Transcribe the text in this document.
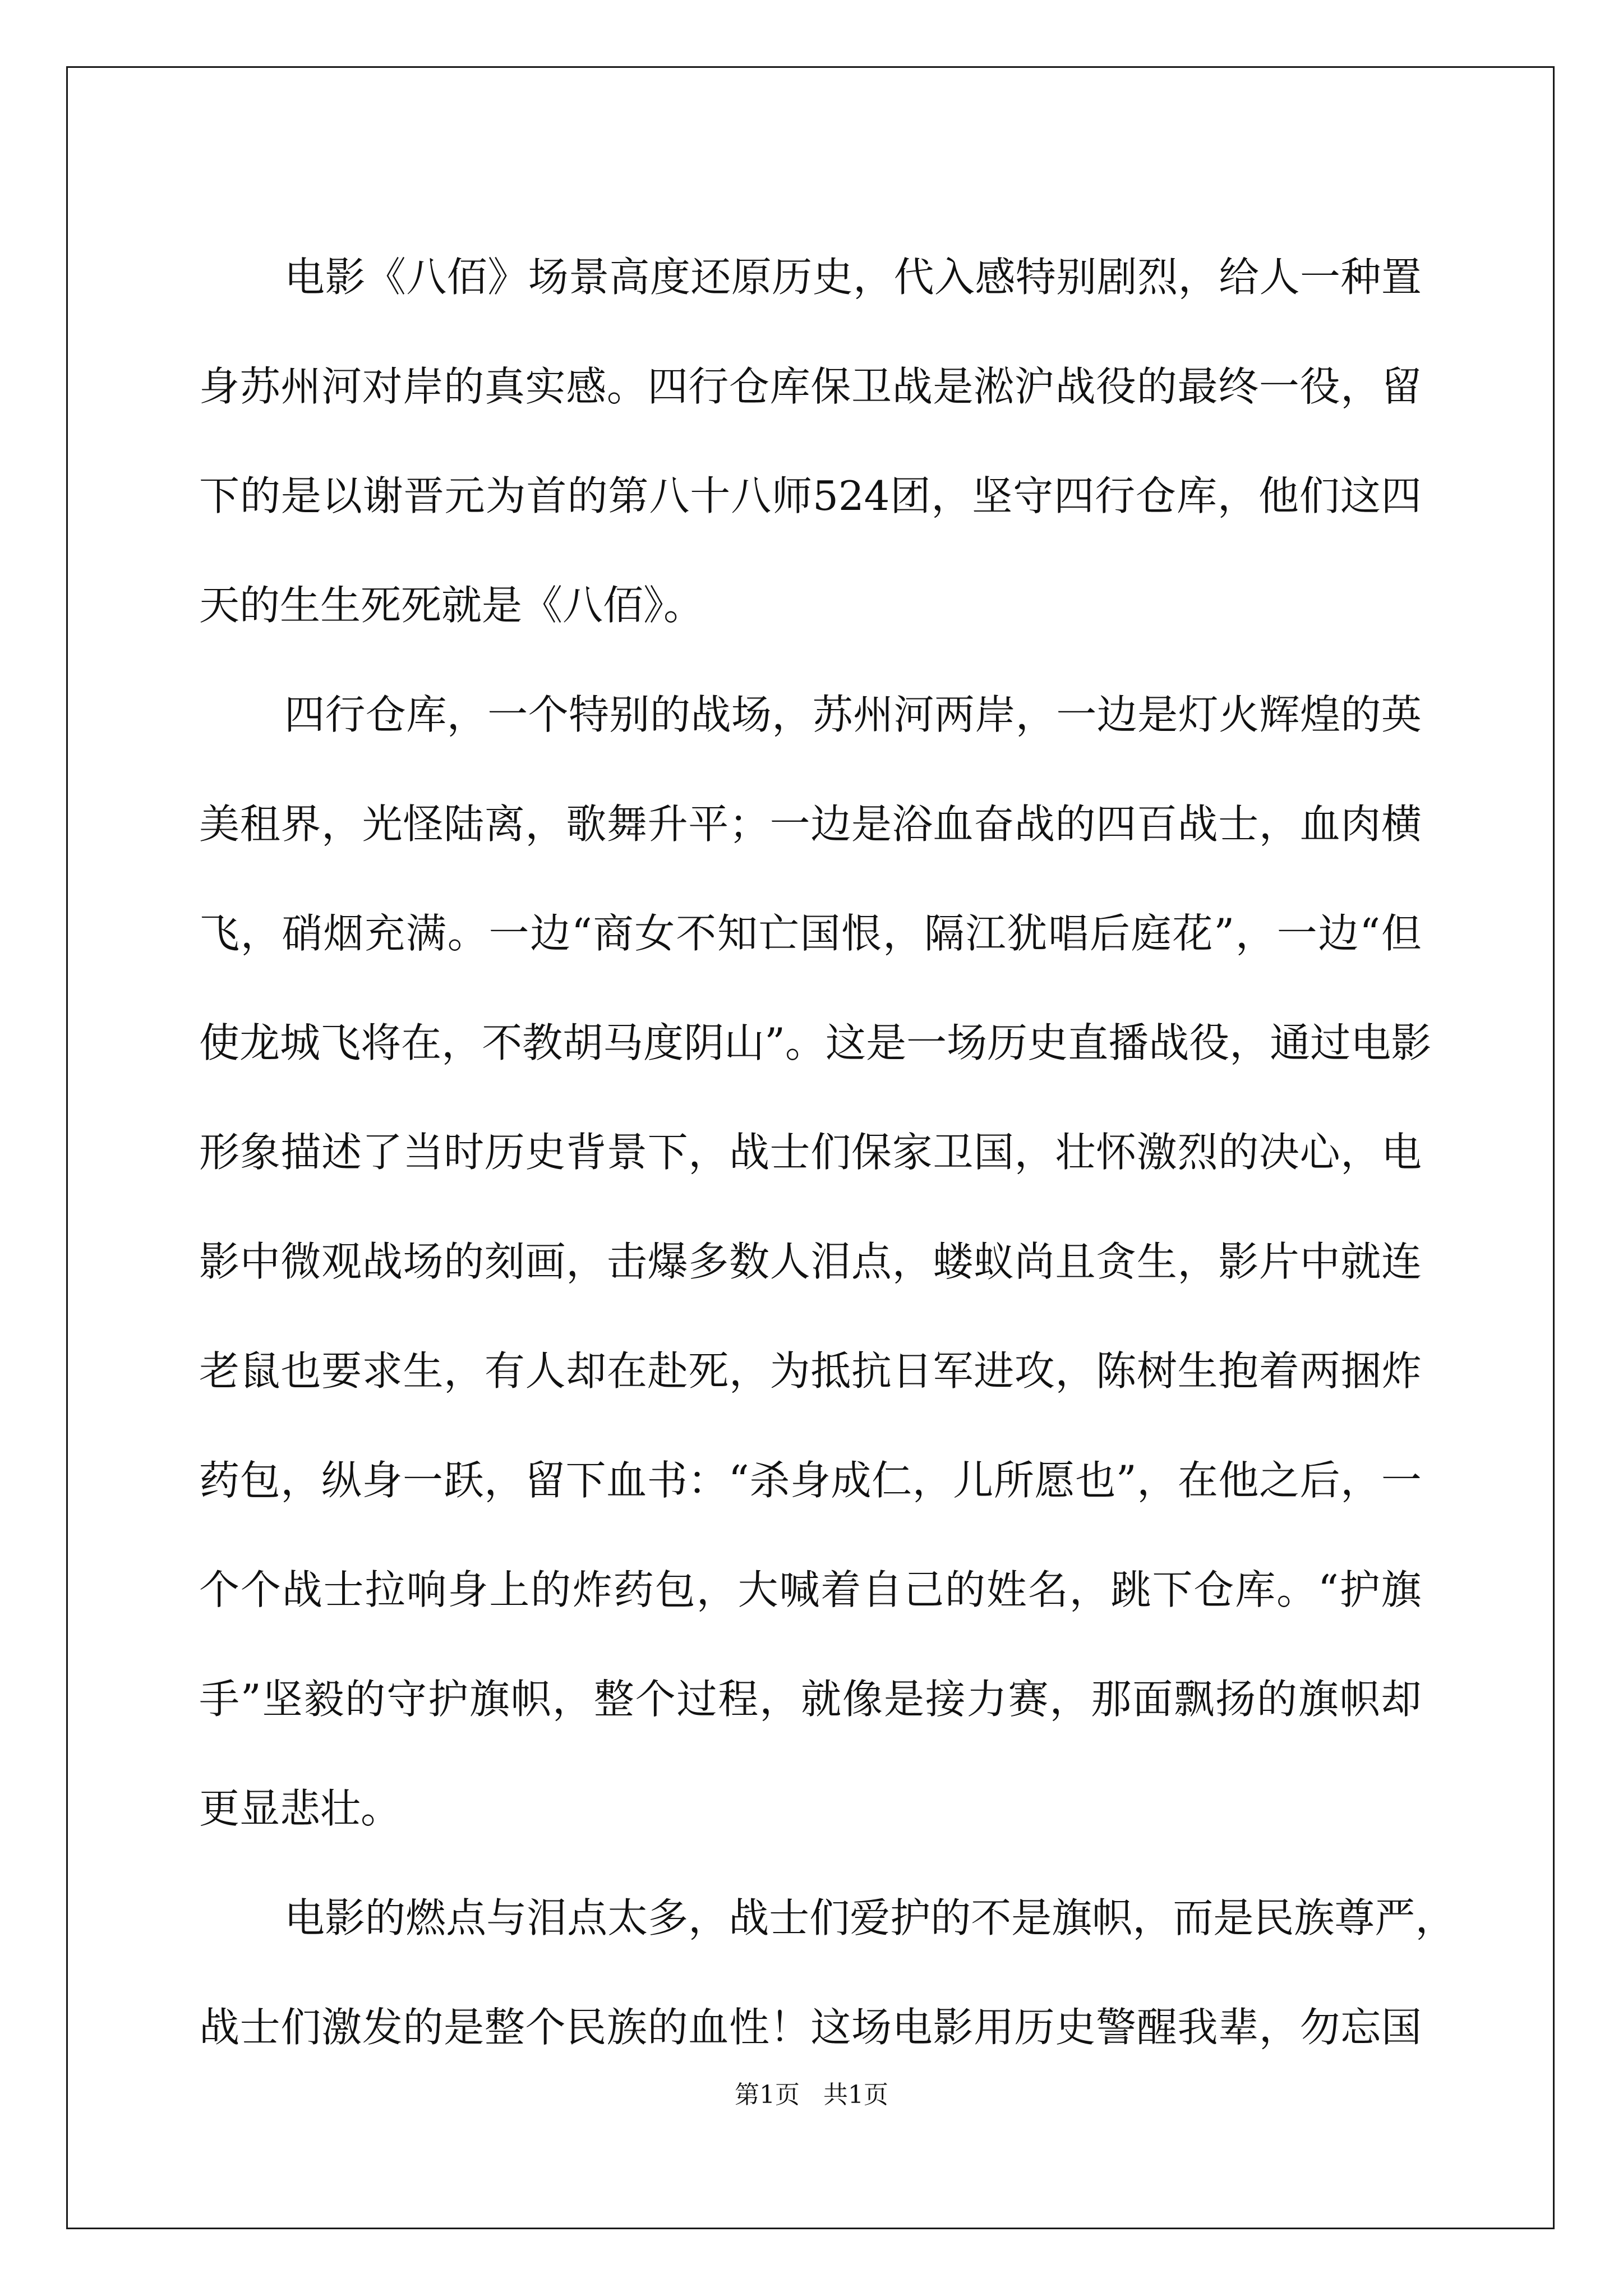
电 影 《 八 佰 》 场 景 高 度 还 原 历 史 ， 代 入 感 特 别 剧 烈 ， 给 人 一 种 置
身 苏 州 河 对 岸 的 真 实 感 。 四 行 仓 库 保 卫 战 是 淞 沪 战 役 的 最 终 一 役 ， 留
下 的 是 以 谢 晋 元 为 首 的 第 八 十 八 师 524 团 ， 坚 守 四 行 仓 库 ， 他 们 这 四
天的生生死死就是《八佰》。
四 行 仓 库 ， 一 个 特 别 的 战 场 ， 苏 州 河 两 岸 ， 一 边 是 灯 火 辉 煌 的 英
美 租 界 ， 光 怪 陆 离 ， 歌 舞 升 平 ； 一 边 是 浴 血 奋 战 的 四 百 战 士 ， 血 肉 横
飞 ， 硝 烟 充 满 。 一 边 “ 商 女 不 知 亡 国 恨 ， 隔 江 犹 唱 后 庭 花 ” ， 一 边 “ 但
使 龙 城 飞 将 在 ， 不 教 胡 马 度 阴 山 ” 。 这 是 一 场 历 史 直 播 战 役 ， 通 过 电 影
形 象 描 述 了 当 时 历 史 背 景 下 ， 战 士 们 保 家 卫 国 ， 壮 怀 激 烈 的 决 心 ， 电
影 中 微 观 战 场 的 刻 画 ， 击 爆 多 数 人 泪 点 ， 蝼 蚁 尚 且 贪 生 ， 影 片 中 就 连
老 鼠 也 要 求 生 ， 有 人 却 在 赴 死 ， 为 抵 抗 日 军 进 攻 ， 陈 树 生 抱 着 两 捆 炸
药 包 ， 纵 身 一 跃 ， 留 下 血 书 ： “ 杀 身 成 仁 ， 儿 所 愿 也 ” ， 在 他 之 后 ， 一
个 个 战 士 拉 响 身 上 的 炸 药 包 ， 大 喊 着 自 己 的 姓 名 ， 跳 下 仓 库 。 “ 护 旗
手 ” 坚 毅 的 守 护 旗 帜 ， 整 个 过 程 ， 就 像 是 接 力 赛 ， 那 面 飘 扬 的 旗 帜 却
更显悲壮。
电 影 的 燃 点 与 泪 点 太 多 ， 战 士 们 爱 护 的 不 是 旗 帜 ， 而 是 民 族 尊 严 ，
战 士 们 激 发 的 是 整 个 民 族 的 血 性 ！ 这 场 电 影 用 历 史 警 醒 我 辈 ， 勿 忘 国
第1页 共1页
